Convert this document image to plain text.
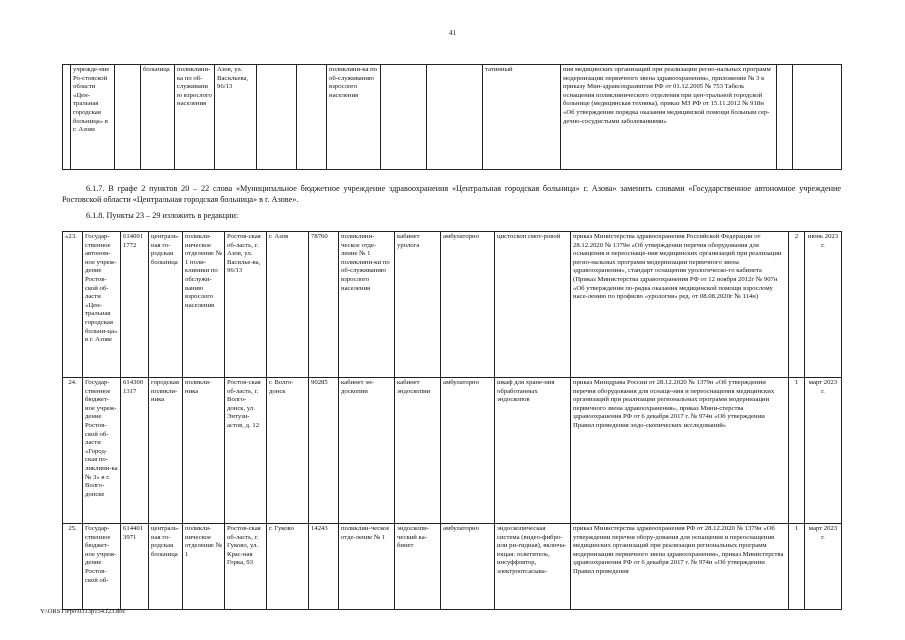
41
	учрежде-ние Ро-стовской области «Цен-тральная городская больница» в г. Азове		больница	поликлини-ка по об-служиванию взрослого населения	Азов, ул. Васильева, 96/13			поликлини-ка по об-служиванию взрослого населения			татинный	ния медицинских организаций при реализации регио-нальных программ модернизации первичного звена здравоохранения», приложение № 3 к приказу Мин-здравсоцразвития РФ от 01.12.2005 № 753 Табель оснащения поликлинического отделения при цен-тральной городской больнице (медицинская техника), приказ МЗ РФ от 15.11.2012 № 918н «Об утверждении порядка оказания медицинской помощи больным сер-дечно-сосудистыми заболеваниями»		

6.1.7. В графе 2 пунктов 20 – 22 слова «Муниципальное бюджетное учреждение здравоохранения «Центральная городская больница» г. Азова» заменить словами «Государственное автономное учреждение Ростовской области «Центральная городская больница» в г. Азове».

6.1.8. Пункты 23 – 29 изложить в редакции:

«23.	Государ-ственное автоном-ное учреж-дение Ростов-ской об-ласти «Цен-тральная городская больни-ца» в г. Азове	614001 1772	централь-ная го-родская больница	поликли-ническое отделение № 1 поли-клиники по обслужи-ванию взрослого населения	Ростов-ская об-ласть, г. Азов, ул. Василье-ва, 96/13	г. Азов	78760	поликлини-ческое отде-ление № 1 поликлини-ки по об-служиванию взрослого населения	кабинет уролога	амбулаторно	цистоскоп смот-ровой	приказ Министерства здравоохранения Российской Федерации от 28.12.2020 № 1379н «Об утверждении перечня оборудования для оснащения и переоснаще-ния медицинских организаций при реализации регио-нальных программ модернизации первичного звена здравоохранения», стандарт оснащения урологическо-го кабинета (Приказ Министерства здравоохранения РФ от 12 ноября 2012г № 907н «Об утверждении по-рядка оказания медицинской помощи взрослому насе-лению по профилю «урология» ред. от 08.08.2020г № 114н)	2	июнь 2023 г.
24.	Государ-ственное бюджет-ное учреж-дение Ростов-ской об-ласти «Город-ская по-ликлини-ка № 3» в г. Волго-донске	614300 1317	городская поликли-ника	поликли-ника	Ростов-ская об-ласть, г. Волго-донск, ул. Энтузи-астов, д. 12	г. Волго-донск	90285	кабинет эн-доскопии	кабинет эндоскопии	амбулаторно	шкаф для хране-ния обработанных эндоскопов	приказ Минздрава России от 28.12.2020 № 1379н «Об утверждении перечня оборудования для оснаще-ния и переоснащения медицинских организаций при реализации региональных программ модернизации первичного звена здравоохранения», приказ Мини-стерства здравоохранения РФ от 6 декабря 2017 г. № 974н «Об утверждении Правил проведения эндо-скопических исследований»	1	март 2023 г.
25.	Государ-ственное бюджет-ное учреж-дение Ростов-ской об-	614401 3971	централь-ная го-родская больница	поликли-ническое отделение № 1	Ростов-ская об-ласть, г. Гуково, ул. Крас-ная Горка, 93	г. Гуково	14243	поликлин-ческое отде-ление № 1	эндоскопи-ческий ка-бинет	амбулаторно	эндоскопическая система (видео-фибро- или ри-гидная), включа-ющая: осветитель, инсуффлятор, электроотсасыва-	приказ Министерства здравоохранения РФ от 28.12.2020 № 1379н «Об утверждении перечня обору-дования для оснащения и переоснащения медицинских организаций при реализации региональных программ модернизации первичного звена здравоохранения», приказ Министерства здравоохранения РФ от 6 декабря 2017 г. № 974н «Об утверждении Правил проведения	1	март 2023 г.
Y:\ORST\Ppo\0313p154.f23.doc
